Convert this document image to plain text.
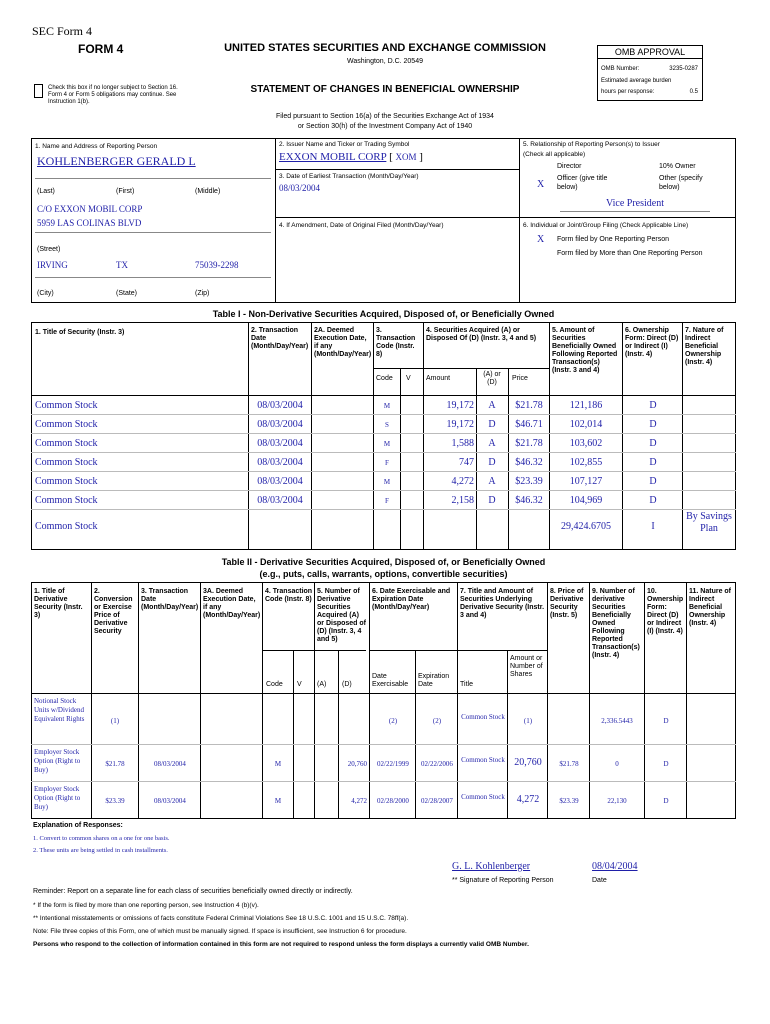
SEC Form 4
FORM 4	UNITED STATES SECURITIES AND EXCHANGE COMMISSION
Washington, D.C. 20549
Check this box if no longer subject to Section 16. Form 4 or Form 5 obligations may continue. See Instruction 1(b).
STATEMENT OF CHANGES IN BENEFICIAL OWNERSHIP
Filed pursuant to Section 16(a) of the Securities Exchange Act of 1934
or Section 30(h) of the Investment Company Act of 1940
OMB APPROVAL
OMB Number:	3235-0287
Estimated average burden
hours per response:	0.5
1. Name and Address of Reporting Person
KOHLENBERGER GERALD L
(Last)	(First)	(Middle)
C/O EXXON MOBIL CORP
5959 LAS COLINAS BLVD
(Street)
IRVING	TX	75039-2298
(City)	(State)	(Zip)
2. Issuer Name and Ticker or Trading Symbol
EXXON MOBIL CORP [ XOM ]
3. Date of Earliest Transaction (Month/Day/Year)
08/03/2004
4. If Amendment, Date of Original Filed (Month/Day/Year)
5. Relationship of Reporting Person(s) to Issuer
(Check all applicable)
Director	10% Owner
X
Officer (give title below)
Other (specify below)
Vice President
6. Individual or Joint/Group Filing (Check Applicable Line)
X Form filed by One Reporting Person
Form filed by More than One Reporting Person
Table I - Non-Derivative Securities Acquired, Disposed of, or Beneficially Owned
1. Title of Security (Instr. 3)	2. Transaction Date (Month/Day/Year)
2A. Deemed Execution Date, if any (Month/Day/Year)
3. Transaction Code (Instr. 8)
4. Securities Acquired (A) or Disposed Of (D) (Instr. 3, 4 and 5)
5. Amount of Securities Beneficially Owned Following Reported Transaction(s) (Instr. 3 and 4)
6. Ownership Form: Direct (D) or Indirect (I) (Instr. 4)
7. Nature of Indirect Beneficial Ownership (Instr. 4)
Code V Amount
(A) or (D)
Price
Common Stock	08/03/2004	M	19,172	A	$21.78	121,186	D
Common Stock	08/03/2004	S	19,172	D	$46.71	102,014	D
Common Stock	08/03/2004	M	1,588	A	$21.78	103,602	D
Common Stock	08/03/2004	F	747	D	$46.32	102,855	D
Common Stock	08/03/2004	M	4,272	A	$23.39	107,127	D
Common Stock	08/03/2004	F	2,158	D	$46.32	104,969	D
Common Stock	29,424.6705	I
By Savings Plan
Table II - Derivative Securities Acquired, Disposed of, or Beneficially Owned
(e.g., puts, calls, warrants, options, convertible securities)
1. Title of Derivative Security (Instr. 3)
2. Conversion or Exercise Price of Derivative Security
3. Transaction Date (Month/Day/Year)
3A. Deemed Execution Date, if any (Month/Day/Year)
4. Transaction Code (Instr. 8)
5. Number of Derivative Securities Acquired (A) or Disposed of (D) (Instr. 3, 4 and 5)
6. Date Exercisable and Expiration Date (Month/Day/Year)
7. Title and Amount of Securities Underlying Derivative Security (Instr. 3 and 4)
8. Price of Derivative Security (Instr. 5)
9. Number of derivative Securities Beneficially Owned Following Reported Transaction(s) (Instr. 4)
10. Ownership Form: Direct (D) or Indirect (I) (Instr. 4)
11. Nature of Indirect Beneficial Ownership (Instr. 4)
Code V (A) (D)
Date Exercisable
Expiration Date	Title
Amount or Number of Shares
Notional Stock Units w/Dividend Equivalent Rights	(1)	(2)	(2)	Common Stock	(1)	2,336.5443	D
Employer Stock Option (Right to Buy)
$21.78	08/03/2004	M	20,760	02/22/1999	02/22/2006	Common Stock 20,760	$21.78	0	D
Employer Stock Option (Right to Buy)
$23.39	08/03/2004	M	4,272	02/28/2000	02/28/2007	Common Stock	4,272	$23.39	22,130	D
Explanation of Responses:
1. Convert to common shares on a one for one basis.
2. These units are being settled in cash installments.
G. L. Kohlenberger	08/04/2004
** Signature of Reporting Person	Date
Reminder: Report on a separate line for each class of securities beneficially owned directly or indirectly.
* If the form is filed by more than one reporting person, see Instruction 4 (b)(v).
** Intentional misstatements or omissions of facts constitute Federal Criminal Violations See 18 U.S.C. 1001 and 15 U.S.C. 78ff(a).
Note: File three copies of this Form, one of which must be manually signed. If space is insufficient, see Instruction 6 for procedure.
Persons who respond to the collection of information contained in this form are not required to respond unless the form displays a currently valid OMB Number.
